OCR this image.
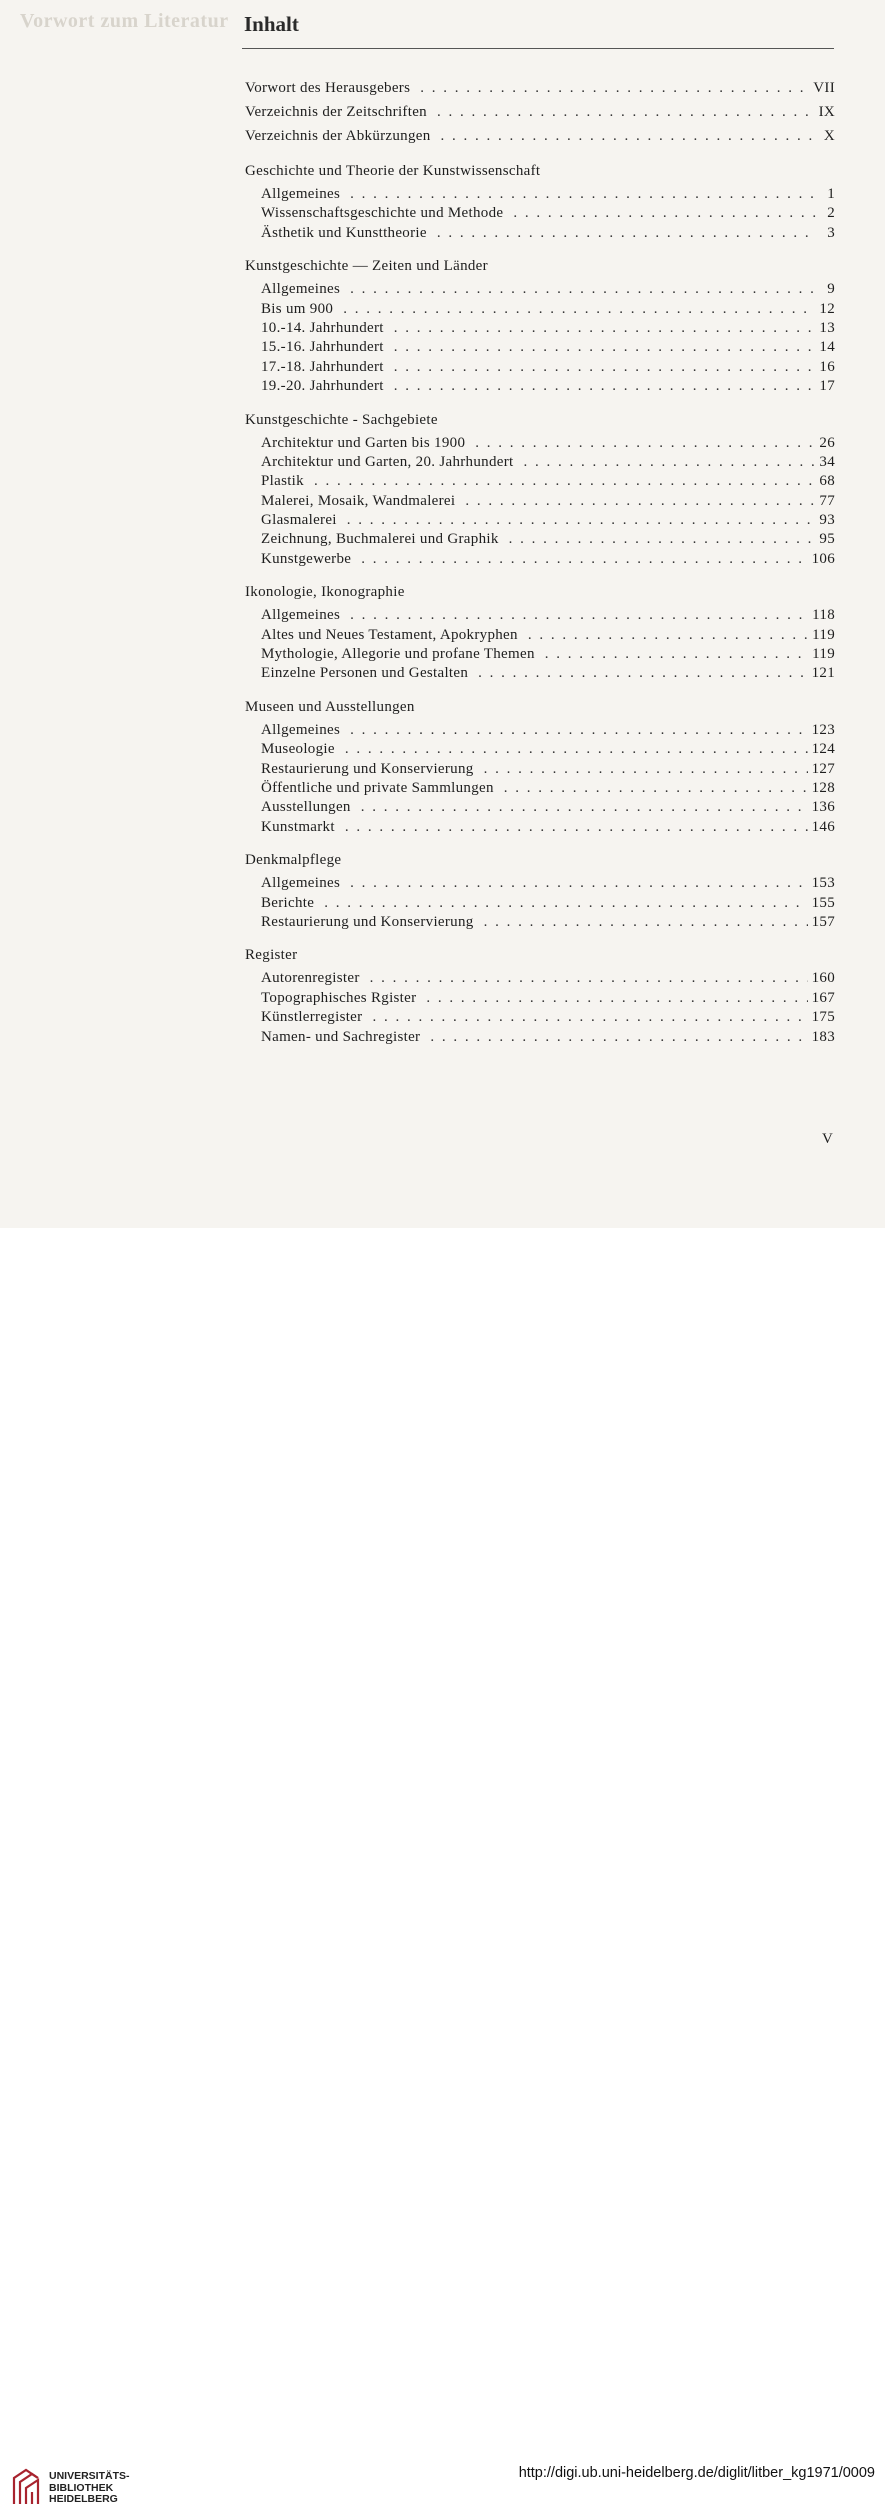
Vorwort zum Literatur Inhalt
Vorwort des Herausgebers . . .	VII
Verzeichnis der Zeitschriften . . .	IX
Verzeichnis der Abkürzungen . . .	X
Geschichte und Theorie der Kunstwissenschaft
Allgemeines . . .	1
Wissenschaftsgeschichte und Methode . . .	2
Ästhetik und Kunsttheorie . . .	3
Kunstgeschichte — Zeiten und Länder
Allgemeines . . .	9
Bis um 900 . . .	12
10.-14. Jahrhundert . . .	13
15.-16. Jahrhundert . . .	14
17.-18. Jahrhundert . . .	16
19.-20. Jahrhundert . . .	17
Kunstgeschichte - Sachgebiete
Architektur und Garten bis 1900 . . .	26
Architektur und Garten, 20. Jahrhundert . . .	34
Plastik . . .	68
Malerei, Mosaik, Wandmalerei . . .	77
Glasmalerei . . .	93
Zeichnung, Buchmalerei und Graphik . . .	95
Kunstgewerbe . . .	106
Ikonologie, Ikonographie
Allgemeines . . .	118
Altes und Neues Testament, Apokryphen . . .	119
Mythologie, Allegorie und profane Themen . . .	119
Einzelne Personen und Gestalten . . .	121
Museen und Ausstellungen
Allgemeines . . .	123
Museologie . . .	124
Restaurierung und Konservierung . . .	127
Öffentliche und private Sammlungen . . .	128
Ausstellungen . . .	136
Kunstmarkt . . .	146
Denkmalpflege
Allgemeines . . .	153
Berichte . . .	155
Restaurierung und Konservierung . . .	157
Register
Autorenregister . . .	160
Topographisches Rgister . . .	167
Künstlerregister . . .	175
Namen- und Sachregister . . .	183
V
UNIVERSITÄTS-
BIBLIOTHEK
HEIDELBERG
http://digi.ub.uni-heidelberg.de/diglit/litber_kg1971/0009
